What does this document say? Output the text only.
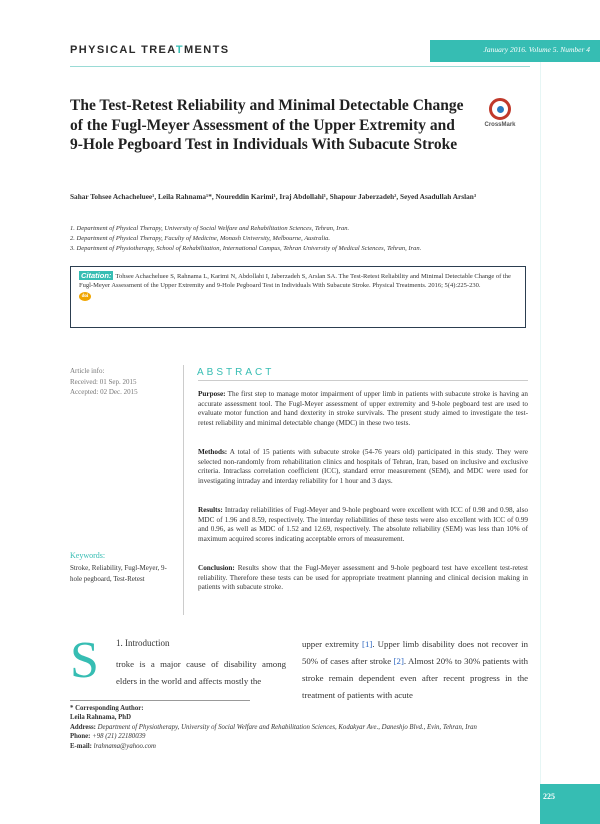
PHYSICAL TREATMENTS	January 2016. Volume 5. Number 4
The Test-Retest Reliability and Minimal Detectable Change of the Fugl-Meyer Assessment of the Upper Extremity and 9-Hole Pegboard Test in Individuals With Subacute Stroke
CrossMark
Sahar Tohsee Achacheluee¹, Leila Rahnama¹*, Noureddin Karimi¹, Iraj Abdollahi¹, Shapour Jaberzadeh², Seyed Asadullah Arslan³
1. Department of Physical Therapy, University of Social Welfare and Rehabilitation Sciences, Tehran, Iran.
2. Department of Physical Therapy, Faculty of Medicine, Monash University, Melbourne, Australia.
3. Department of Physiotherapy, School of Rehabilitation, International Campus, Tehran University of Medical Sciences, Tehran, Iran.
Citation: Tohsee Achacheluee S, Rahnama L, Karimi N, Abdollahi I, Jaberzadeh S, Arslan SA. The Test-Retest Reliability and Minimal Detectable Change of the Fugl-Meyer Assessment of the Upper Extremity and 9-Hole Pegboard Test in Individuals With Subacute Stroke. Physical Treatments. 2016; 5(4):225-230.
doi
Article info:
Received: 01 Sep. 2015
Accepted: 02 Dec. 2015
ABSTRACT
Purpose: The first step to manage motor impairment of upper limb in patients with subacute stroke is having an accurate assessment tool. The Fugl-Meyer assessment of upper extremity and 9-hole pegboard test are used to evaluate motor function and hand dexterity in stroke survivals. The present study aimed to investigate the test-retest reliability and minimal detectable change (MDC) in these two tests.
Methods: A total of 15 patients with subacute stroke (54-76 years old) participated in this study. They were selected non-randomly from rehabilitation clinics and hospitals of Tehran, Iran, based on inclusive and exclusive criteria. Intraclass correlation coefficient (ICC), standard error measurement (SEM), and MDC were used for investigating intraday and interday reliability for 1 hour and 3 days.
Results: Intraday reliabilities of Fugl-Meyer and 9-hole pegboard were excellent with ICC of 0.98 and 0.98, also MDC of 1.96 and 8.59, respectively. The interday reliabilities of these tests were also excellent with ICC of 0.99 and 0.96, as well as MDC of 1.52 and 12.69, respectively. The absolute reliability (SEM) was less than 10% of maximum acquired scores indicating acceptable errors of measurement.
Conclusion: Results show that the Fugl-Meyer assessment and 9-hole pegboard test have excellent test-retest reliability. Therefore these tests can be used for appropriate treatment planning and clinical decision making in patients with subacute stroke.
Keywords:
Stroke, Reliability, Fugl-Meyer, 9-hole pegboard, Test-Retest
S	1. Introduction
troke is a major cause of disability among elders in the world and affects mostly the
upper extremity [1]. Upper limb disability does not recover in 50% of cases after stroke [2]. Almost 20% to 30% patients with stroke remain dependent even after recent progress in the treatment of patients with acute
* Corresponding Author:
Leila Rahnama, PhD
Address: Department of Physiotherapy, University of Social Welfare and Rehabilitation Sciences, Kodakyar Ave., Daneshjo Blvd., Evin, Tehran, Iran
Phone: +98 (21) 22180039
E-mail: lrahnama@yahoo.com
225
